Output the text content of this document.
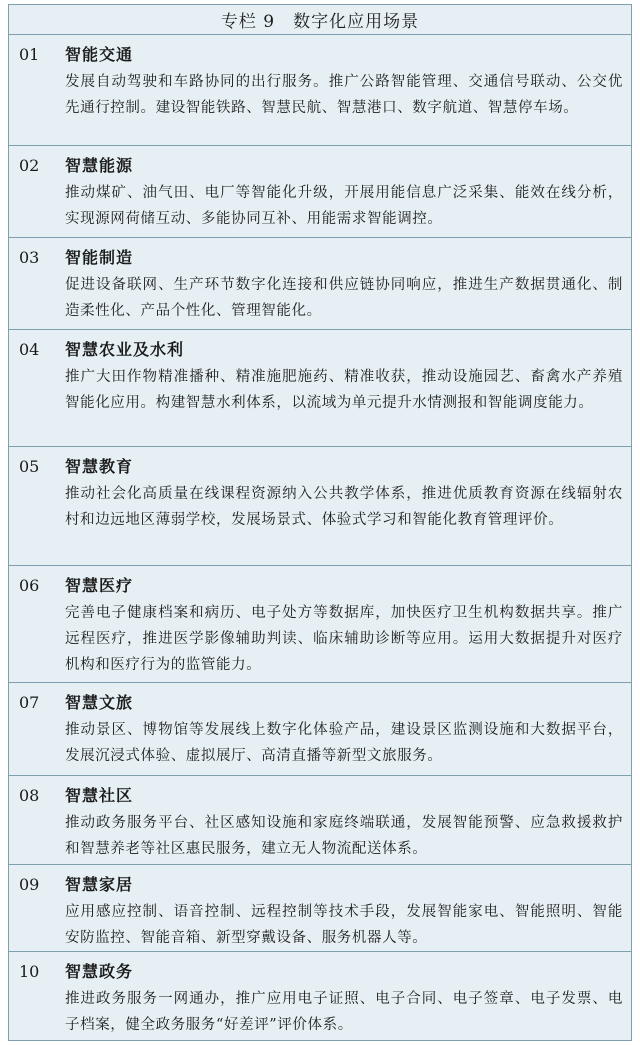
专栏 9　数字化应用场景
01	智能交通
发展自动驾驶和车路协同的出行服务。推广公路智能管理、交通信号联动、公交优先通行控制。建设智能铁路、智慧民航、智慧港口、数字航道、智慧停车场。
02	智慧能源
推动煤矿、油气田、电厂等智能化升级，开展用能信息广泛采集、能效在线分析，实现源网荷储互动、多能协同互补、用能需求智能调控。
03	智能制造
促进设备联网、生产环节数字化连接和供应链协同响应，推进生产数据贯通化、制造柔性化、产品个性化、管理智能化。
04	智慧农业及水利
推广大田作物精准播种、精准施肥施药、精准收获，推动设施园艺、畜禽水产养殖智能化应用。构建智慧水利体系，以流域为单元提升水情测报和智能调度能力。
05	智慧教育
推动社会化高质量在线课程资源纳入公共教学体系，推进优质教育资源在线辐射农村和边远地区薄弱学校，发展场景式、体验式学习和智能化教育管理评价。
06	智慧医疗
完善电子健康档案和病历、电子处方等数据库，加快医疗卫生机构数据共享。推广远程医疗，推进医学影像辅助判读、临床辅助诊断等应用。运用大数据提升对医疗机构和医疗行为的监管能力。
07	智慧文旅
推动景区、博物馆等发展线上数字化体验产品，建设景区监测设施和大数据平台，发展沉浸式体验、虚拟展厅、高清直播等新型文旅服务。
08	智慧社区
推动政务服务平台、社区感知设施和家庭终端联通，发展智能预警、应急救援救护和智慧养老等社区惠民服务，建立无人物流配送体系。
09	智慧家居
应用感应控制、语音控制、远程控制等技术手段，发展智能家电、智能照明、智能安防监控、智能音箱、新型穿戴设备、服务机器人等。
10	智慧政务
推进政务服务一网通办，推广应用电子证照、电子合同、电子签章、电子发票、电子档案，健全政务服务“好差评”评价体系。
